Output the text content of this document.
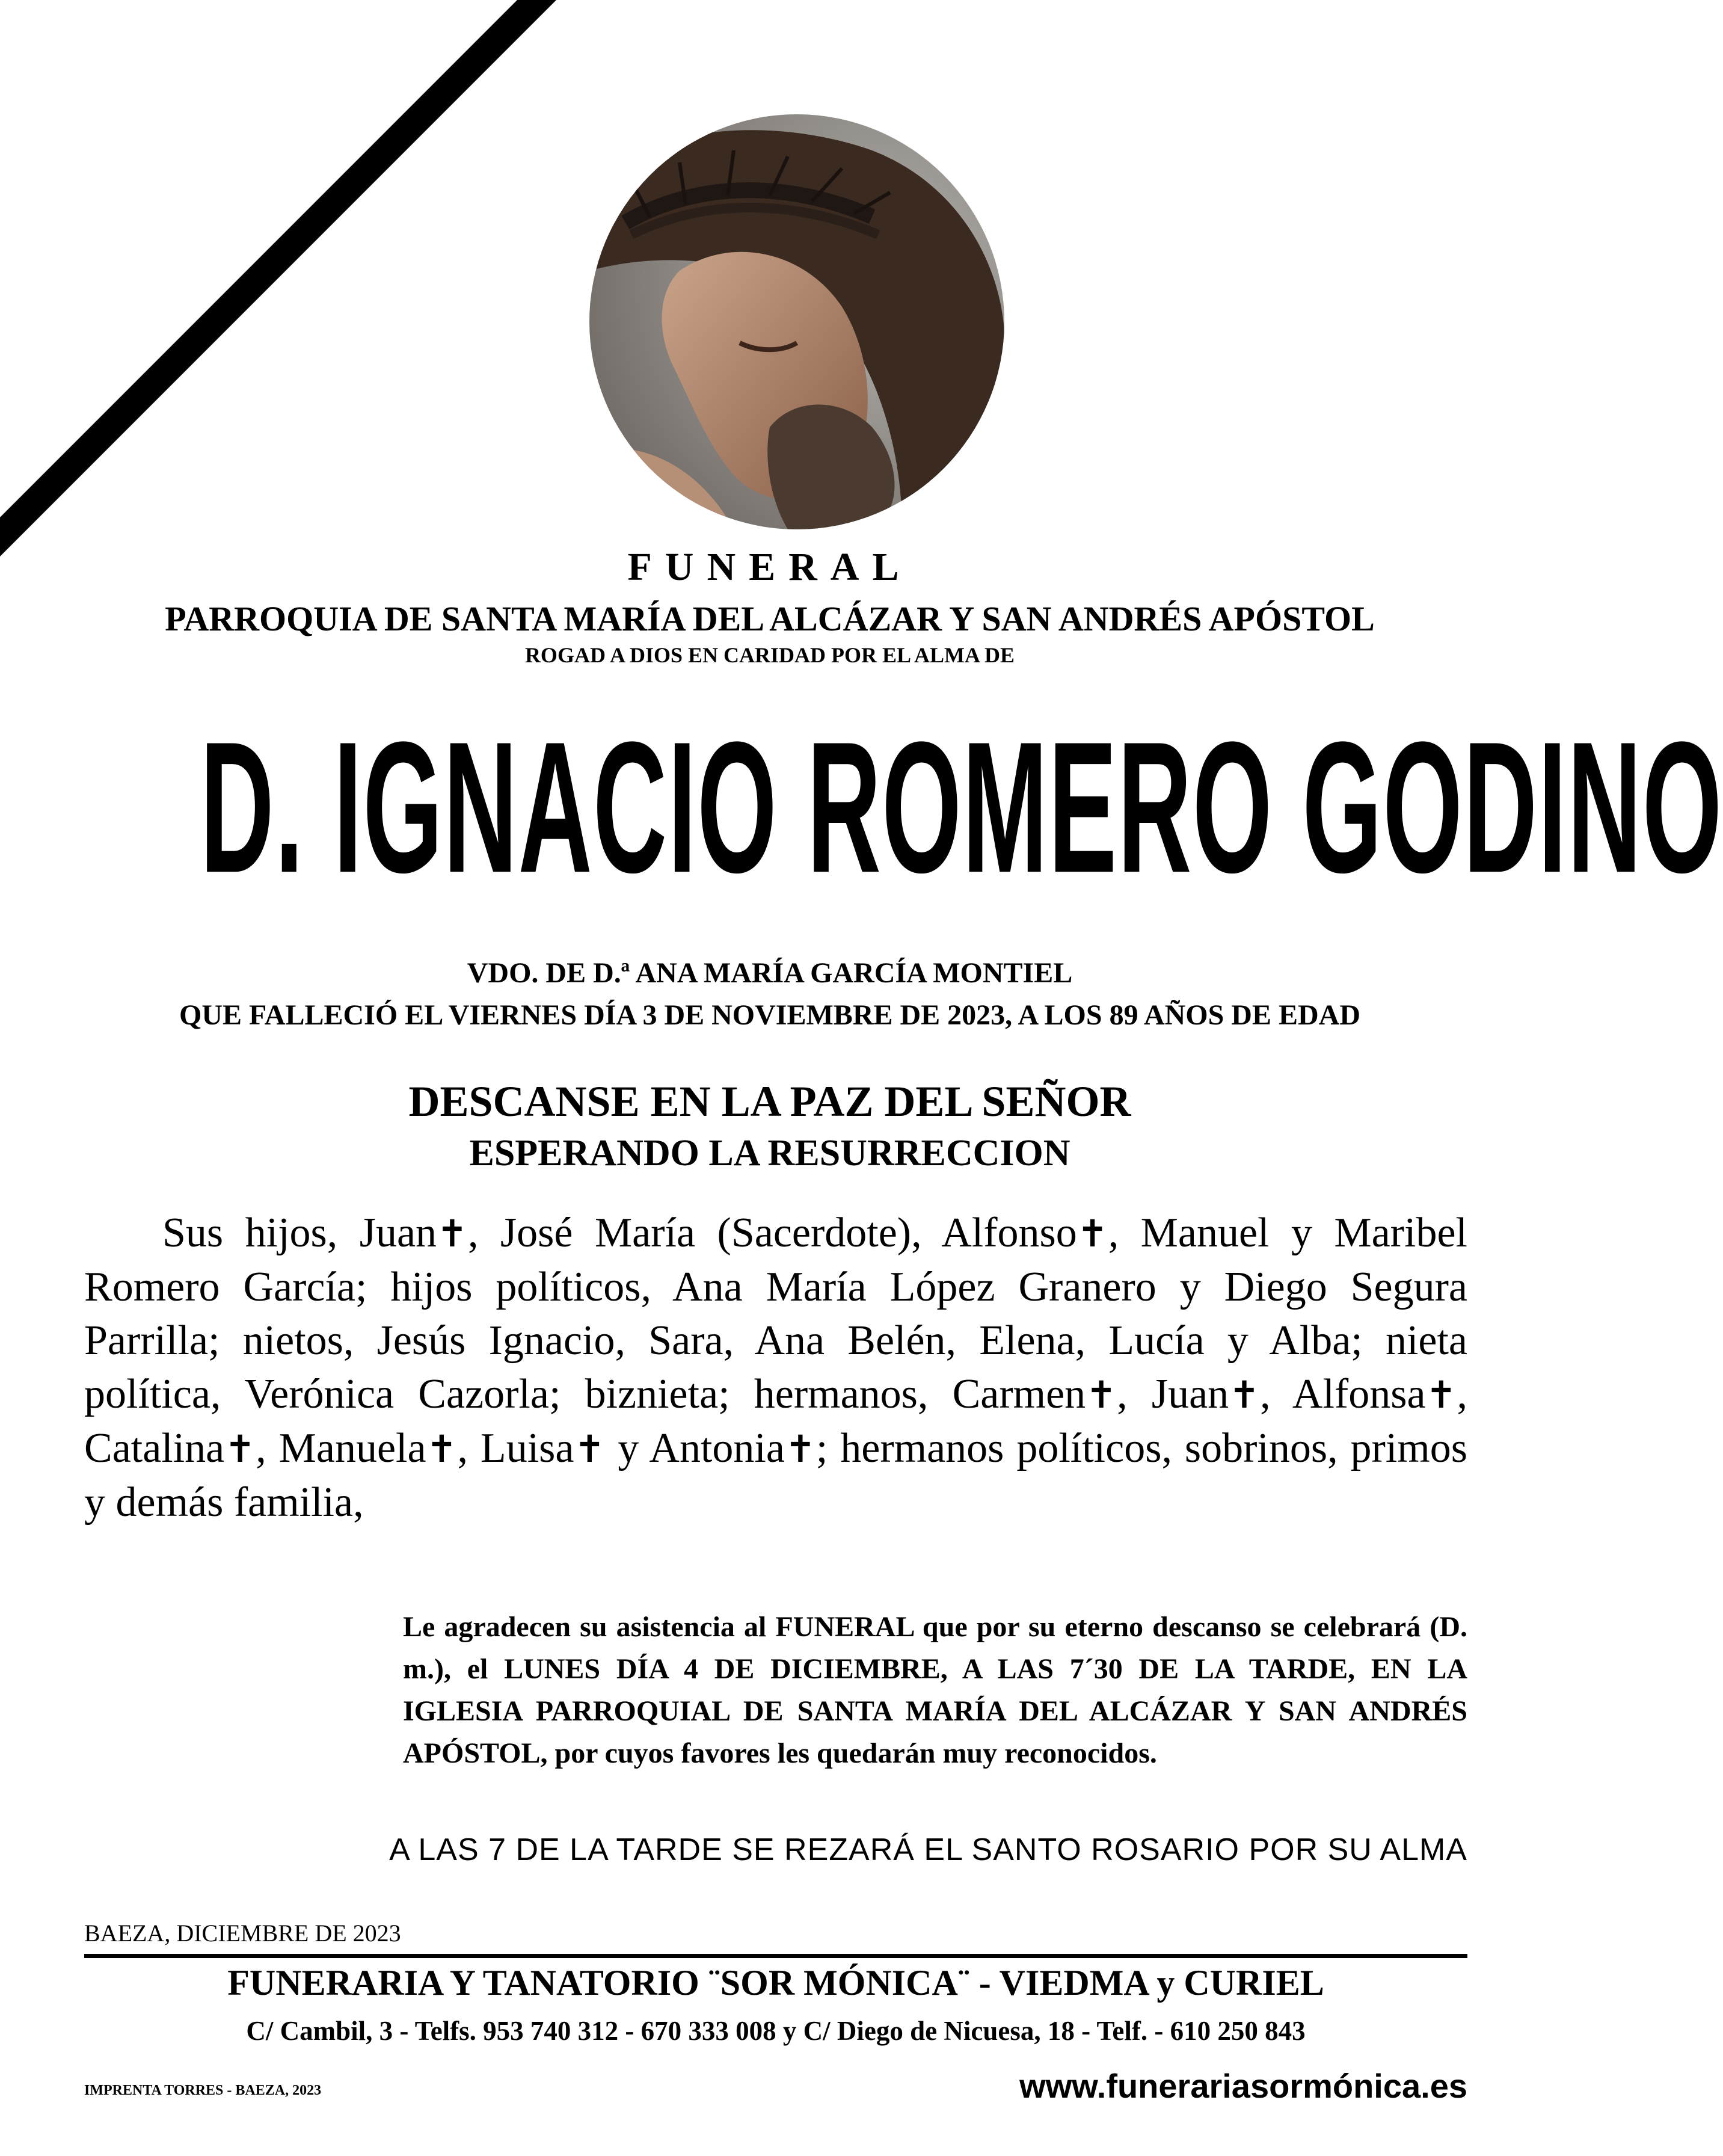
FUNERAL
PARROQUIA DE SANTA MARÍA DEL ALCÁZAR Y SAN ANDRÉS APÓSTOL
ROGAD A DIOS EN CARIDAD POR EL ALMA DE
D. IGNACIO ROMERO GODINO
VDO. DE D.ª ANA MARÍA GARCÍA MONTIEL
QUE FALLECIÓ EL VIERNES DÍA 3 DE NOVIEMBRE DE 2023, A LOS 89 AÑOS DE EDAD
DESCANSE EN LA PAZ DEL SEÑOR
ESPERANDO LA RESURRECCION
Sus hijos, Juan✝, José María (Sacerdote), Alfonso✝, Manuel y Maribel Romero García; hijos políticos, Ana María López Granero y Diego Segura Parrilla; nietos, Jesús Ignacio, Sara, Ana Belén, Elena, Lucía y Alba; nieta política, Verónica Cazorla; biznieta; hermanos, Carmen✝, Juan✝, Alfonsa✝, Catalina✝, Manuela✝, Luisa✝ y Antonia✝; hermanos políticos, sobrinos, primos y demás familia,
Le agradecen su asistencia al FUNERAL que por su eterno descanso se celebrará (D. m.), el LUNES DÍA 4 DE DICIEMBRE, A LAS 7´30 DE LA TARDE, EN LA IGLESIA PARROQUIAL DE SANTA MARÍA DEL ALCÁZAR Y SAN ANDRÉS APÓSTOL, por cuyos favores les quedarán muy reconocidos.
A LAS 7 DE LA TARDE SE REZARÁ EL SANTO ROSARIO POR SU ALMA
BAEZA, DICIEMBRE DE 2023
FUNERARIA Y TANATORIO ¨SOR MÓNICA¨ - VIEDMA y CURIEL
C/ Cambil, 3 - Telfs. 953 740 312 - 670 333 008 y C/ Diego de Nicuesa, 18 - Telf. - 610 250 843
IMPRENTA TORRES - BAEZA, 2023	www.funerariasormónica.es
